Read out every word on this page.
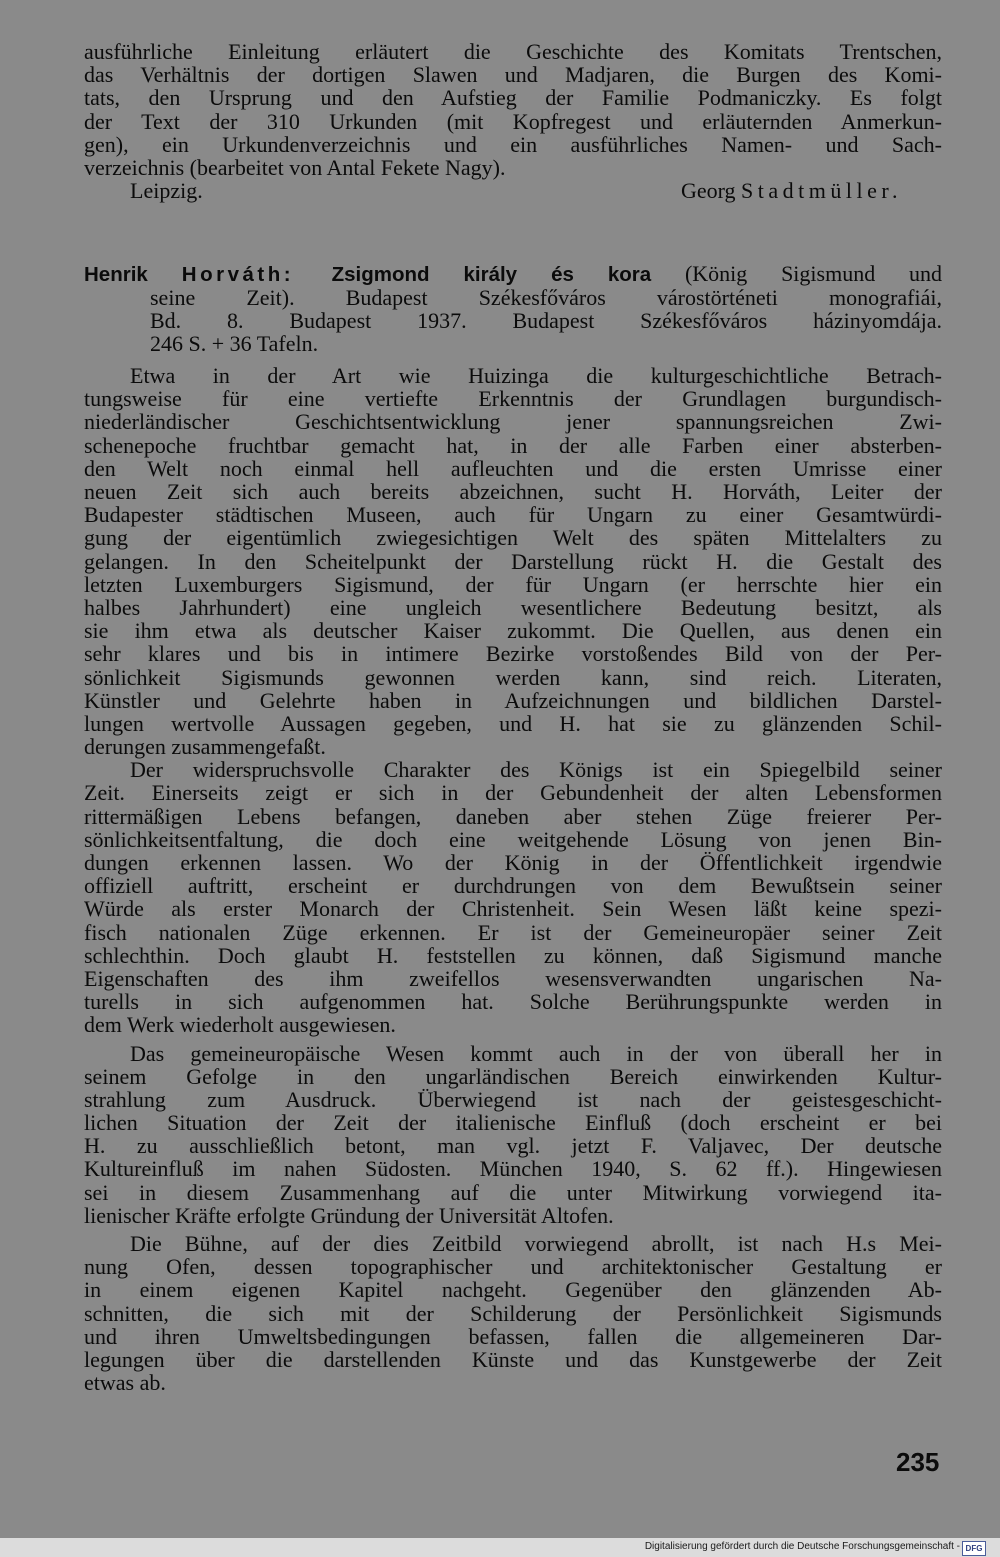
ausführliche Einleitung erläutert die Geschichte des Komitats Trentschen,
das Verhältnis der dortigen Slawen und Madjaren, die Burgen des Komi-
tats, den Ursprung und den Aufstieg der Familie Podmaniczky. Es folgt
der Text der 310 Urkunden (mit Kopfregest und erläuternden Anmerkun-
gen), ein Urkundenverzeichnis und ein ausführliches Namen- und Sach-
verzeichnis (bearbeitet von Antal Fekete Nagy).
Leipzig.	Georg Stadtmüller.
Henrik Horváth: Zsigmond király és kora (König Sigismund und
seine Zeit). Budapest Székesfőváros várostörténeti monografiái,
Bd. 8. Budapest 1937. Budapest Székesfőváros házinyomdája.
246 S. + 36 Tafeln.
Etwa in der Art wie Huizinga die kulturgeschichtliche Betrach-
tungsweise für eine vertiefte Erkenntnis der Grundlagen burgundisch-
niederländischer Geschichtsentwicklung jener spannungsreichen Zwi-
schenepoche fruchtbar gemacht hat, in der alle Farben einer absterben-
den Welt noch einmal hell aufleuchten und die ersten Umrisse einer
neuen Zeit sich auch bereits abzeichnen, sucht H. Horváth, Leiter der
Budapester städtischen Museen, auch für Ungarn zu einer Gesamtwürdi-
gung der eigentümlich zwiegesichtigen Welt des späten Mittelalters zu
gelangen. In den Scheitelpunkt der Darstellung rückt H. die Gestalt des
letzten Luxemburgers Sigismund, der für Ungarn (er herrschte hier ein
halbes Jahrhundert) eine ungleich wesentlichere Bedeutung besitzt, als
sie ihm etwa als deutscher Kaiser zukommt. Die Quellen, aus denen ein
sehr klares und bis in intimere Bezirke vorstoßendes Bild von der Per-
sönlichkeit Sigismunds gewonnen werden kann, sind reich. Literaten,
Künstler und Gelehrte haben in Aufzeichnungen und bildlichen Darstel-
lungen wertvolle Aussagen gegeben, und H. hat sie zu glänzenden Schil-
derungen zusammengefaßt.
Der widerspruchsvolle Charakter des Königs ist ein Spiegelbild seiner
Zeit. Einerseits zeigt er sich in der Gebundenheit der alten Lebensformen
rittermäßigen Lebens befangen, daneben aber stehen Züge freierer Per-
sönlichkeitsentfaltung, die doch eine weitgehende Lösung von jenen Bin-
dungen erkennen lassen. Wo der König in der Öffentlichkeit irgendwie
offiziell auftritt, erscheint er durchdrungen von dem Bewußtsein seiner
Würde als erster Monarch der Christenheit. Sein Wesen läßt keine spezi-
fisch nationalen Züge erkennen. Er ist der Gemeineuropäer seiner Zeit
schlechthin. Doch glaubt H. feststellen zu können, daß Sigismund manche
Eigenschaften des ihm zweifellos wesensverwandten ungarischen Na-
turells in sich aufgenommen hat. Solche Berührungspunkte werden in
dem Werk wiederholt ausgewiesen.
Das gemeineuropäische Wesen kommt auch in der von überall her in
seinem Gefolge in den ungarländischen Bereich einwirkenden Kultur-
strahlung zum Ausdruck. Überwiegend ist nach der geistesgeschicht-
lichen Situation der Zeit der italienische Einfluß (doch erscheint er bei
H. zu ausschließlich betont, man vgl. jetzt F. Valjavec, Der deutsche
Kultureinfluß im nahen Südosten. München 1940, S. 62 ff.). Hingewiesen
sei in diesem Zusammenhang auf die unter Mitwirkung vorwiegend ita-
lienischer Kräfte erfolgte Gründung der Universität Altofen.
Die Bühne, auf der dies Zeitbild vorwiegend abrollt, ist nach H.s Mei-
nung Ofen, dessen topographischer und architektonischer Gestaltung er
in einem eigenen Kapitel nachgeht. Gegenüber den glänzenden Ab-
schnitten, die sich mit der Schilderung der Persönlichkeit Sigismunds
und ihren Umweltsbedingungen befassen, fallen die allgemeineren Dar-
legungen über die darstellenden Künste und das Kunstgewerbe der Zeit
etwas ab.
235
Digitalisierung gefördert durch die Deutsche Forschungsgemeinschaft - DFG
